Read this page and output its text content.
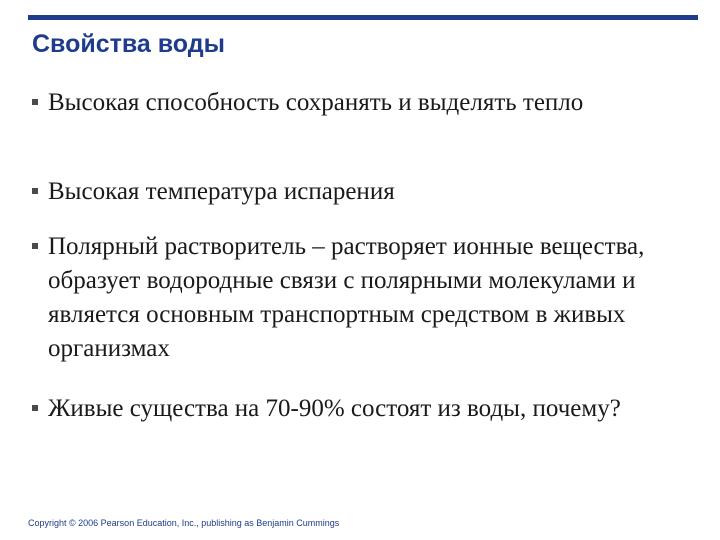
Свойства воды
Высокая способность сохранять и выделять тепло
Высокая температура испарения
Полярный растворитель – растворяет ионные вещества, образует водородные связи с полярными молекулами и является основным транспортным средством в живых организмах
Живые существа на 70-90% состоят из воды, почему?
Copyright © 2006 Pearson Education, Inc., publishing as Benjamin Cummings
